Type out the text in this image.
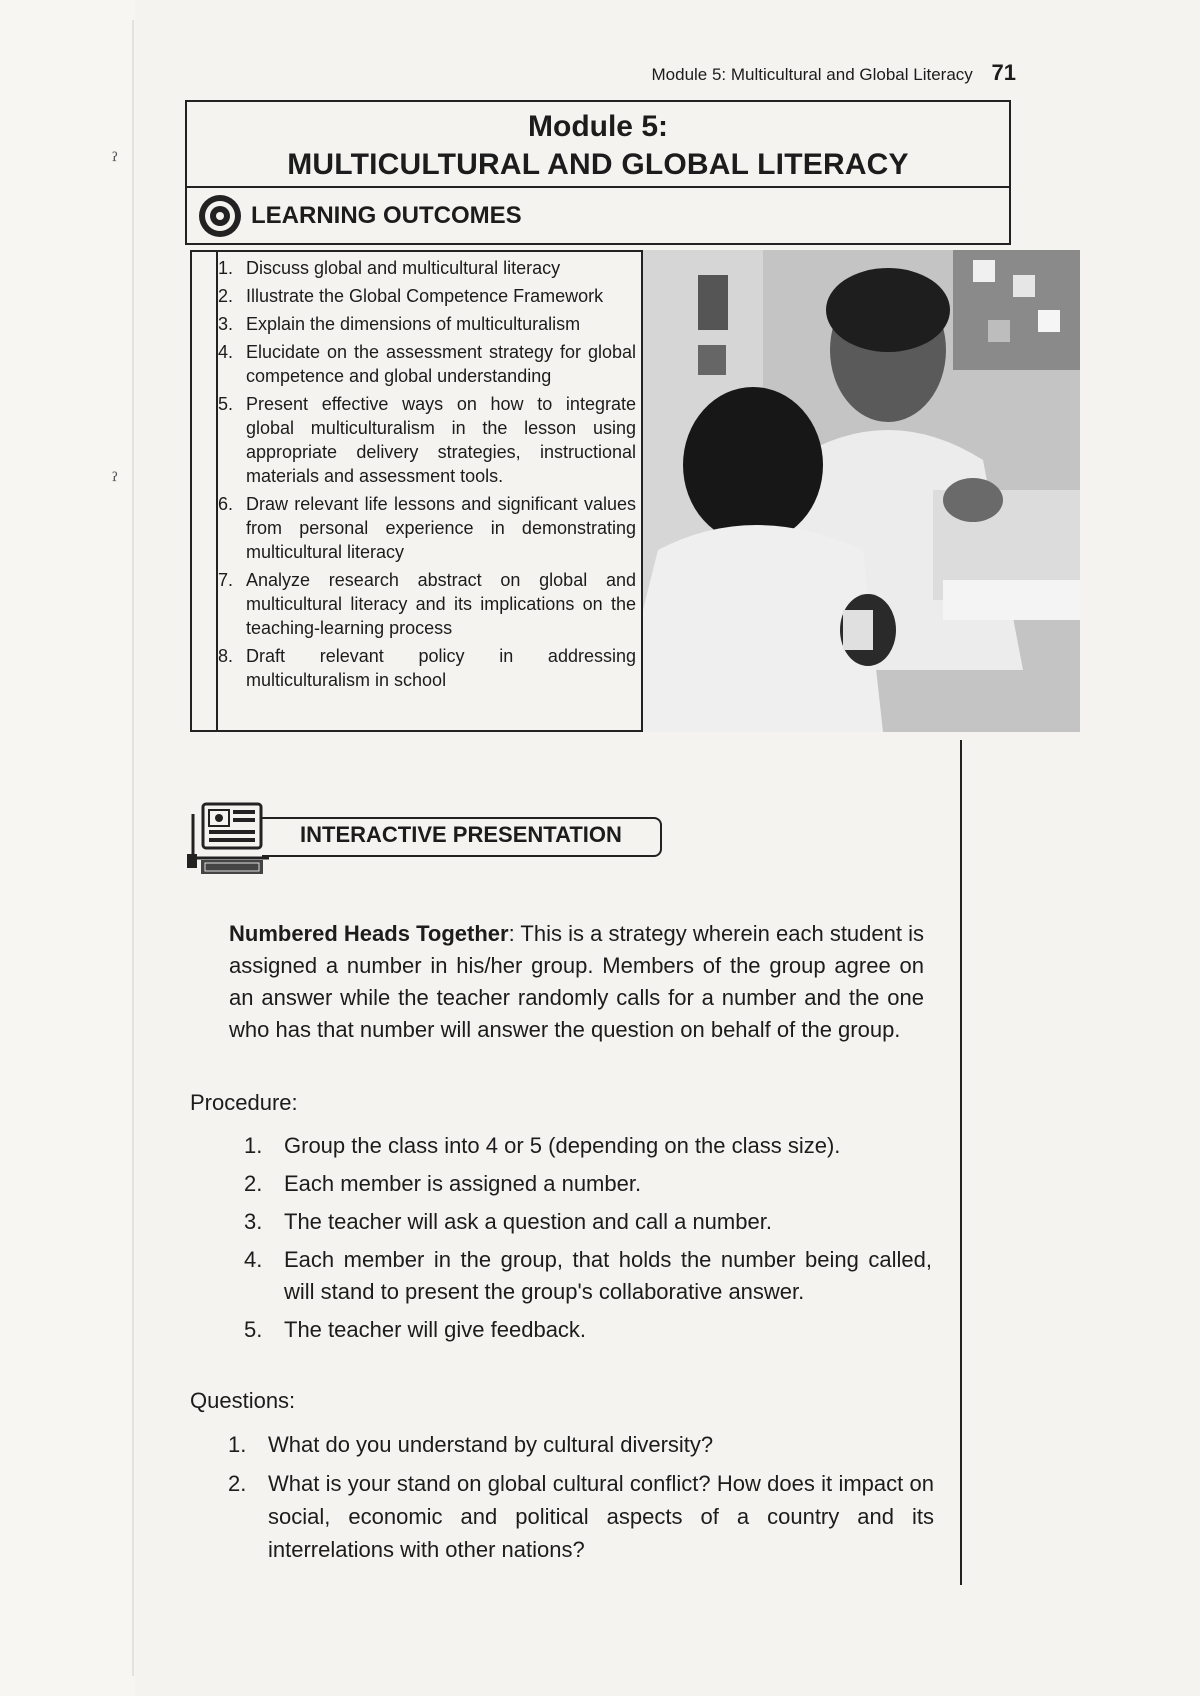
ˀ
ˀ
Module 5: Multicultural and Global Literacy 71
Module 5:
MULTICULTURAL AND GLOBAL LITERACY
LEARNING OUTCOMES
1. Discuss global and multicultural literacy
2. Illustrate the Global Competence Framework
3. Explain the dimensions of multiculturalism
4. Elucidate on the assessment strategy for global competence and global understanding
5. Present effective ways on how to integrate global multiculturalism in the lesson using appropriate delivery strategies, instructional materials and assessment tools.
6. Draw relevant life lessons and significant values from personal experience in demonstrating multicultural literacy
7. Analyze research abstract on global and multicultural literacy and its implications on the teaching-learning process
8. Draft relevant policy in addressing multiculturalism in school
INTERACTIVE PRESENTATION

Numbered Heads Together: This is a strategy wherein each student is assigned a number in his/her group. Members of the group agree on an answer while the teacher randomly calls for a number and the one who has that number will answer the question on behalf of the group.

Procedure:
1. Group the class into 4 or 5 (depending on the class size).
2. Each member is assigned a number.
3. The teacher will ask a question and call a number.
4. Each member in the group, that holds the number being called, will stand to present the group's collaborative answer.
5. The teacher will give feedback.
Questions:
1. What do you understand by cultural diversity?
2. What is your stand on global cultural conflict? How does it impact on social, economic and political aspects of a country and its interrelations with other nations?
